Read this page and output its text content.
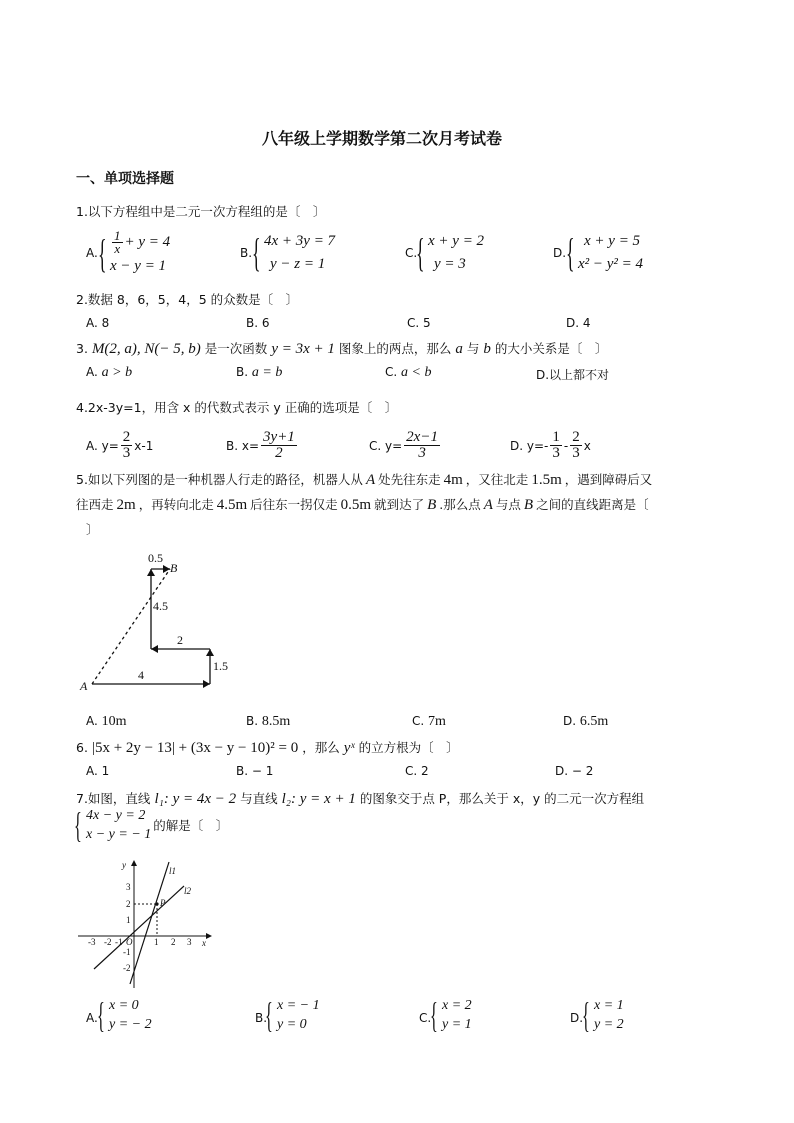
八年级上学期数学第二次月考试卷
一、单项选择题
1.以下方程组中是二元一次方程组的是〔　〕
A. { $\frac{1}{x} + y = 4$
x − y = 1
B. { 4x + 3y = 7
y − z = 1
C.
{ x + y = 2
y = 3
D. { x + y = 5
x² − y² = 4
2.数据 8，6，5，4，5 的众数是〔　〕
A. 8	B. 6	C. 5	D. 4
3. M(2, a), N(− 5, b) 是一次函数 y = 3x + 1 图象上的两点，那么 a 与 b 的大小关系是〔　〕
A. a > b	B. a = b	C. a < b	D.以上都不对
4.2x-3y=1，用含 x 的代数式表示 y 正确的选项是〔　〕
A. $y= \frac{2}{3} x-1$	B. $x= \frac{3y+1}{2}$	C. $y= \frac{2x-1}{3}$	D. $y=- \frac{1}{3} - \frac{2}{3}$ x
5.如以下列图的是一种机器人行走的路径，机器人从 A 处先往东走 4m ，又往北走 1.5m ，遇到障碍后又
往西走 2m ，再转向北走 4.5m 后往东一拐仅走 0.5m 就到达了 B .那么点 A 与点 B 之间的直线距离是〔
〕
0.5
B
4.5
2
1.5
A
4
A. 10m	B. 8.5m	C. 7m	D. 6.5m
6. |5x + 2y − 13| + (3x − y − 10)² = 0 ，那么 yˣ 的立方根为〔　〕
A. 1	B. − 1	C. 2	D. − 2
7.如图，直线 l₁: y = 4x − 2 与直线 l₂: y = x + 1 的图象交于点 P，那么关于 x，y 的二元一次方程组
{ 4x − y = 2
x − y = − 1
的解是〔　〕
y
x
l1
l2
P
O
-3 -2 -1	1 2 3
3
2
1
-1
-2
A. { x = 0
y = − 2	B.
{ x = − 1
y = 0	C.
{ x = 2
y = 1	D.
{ x = 1
y = 2
